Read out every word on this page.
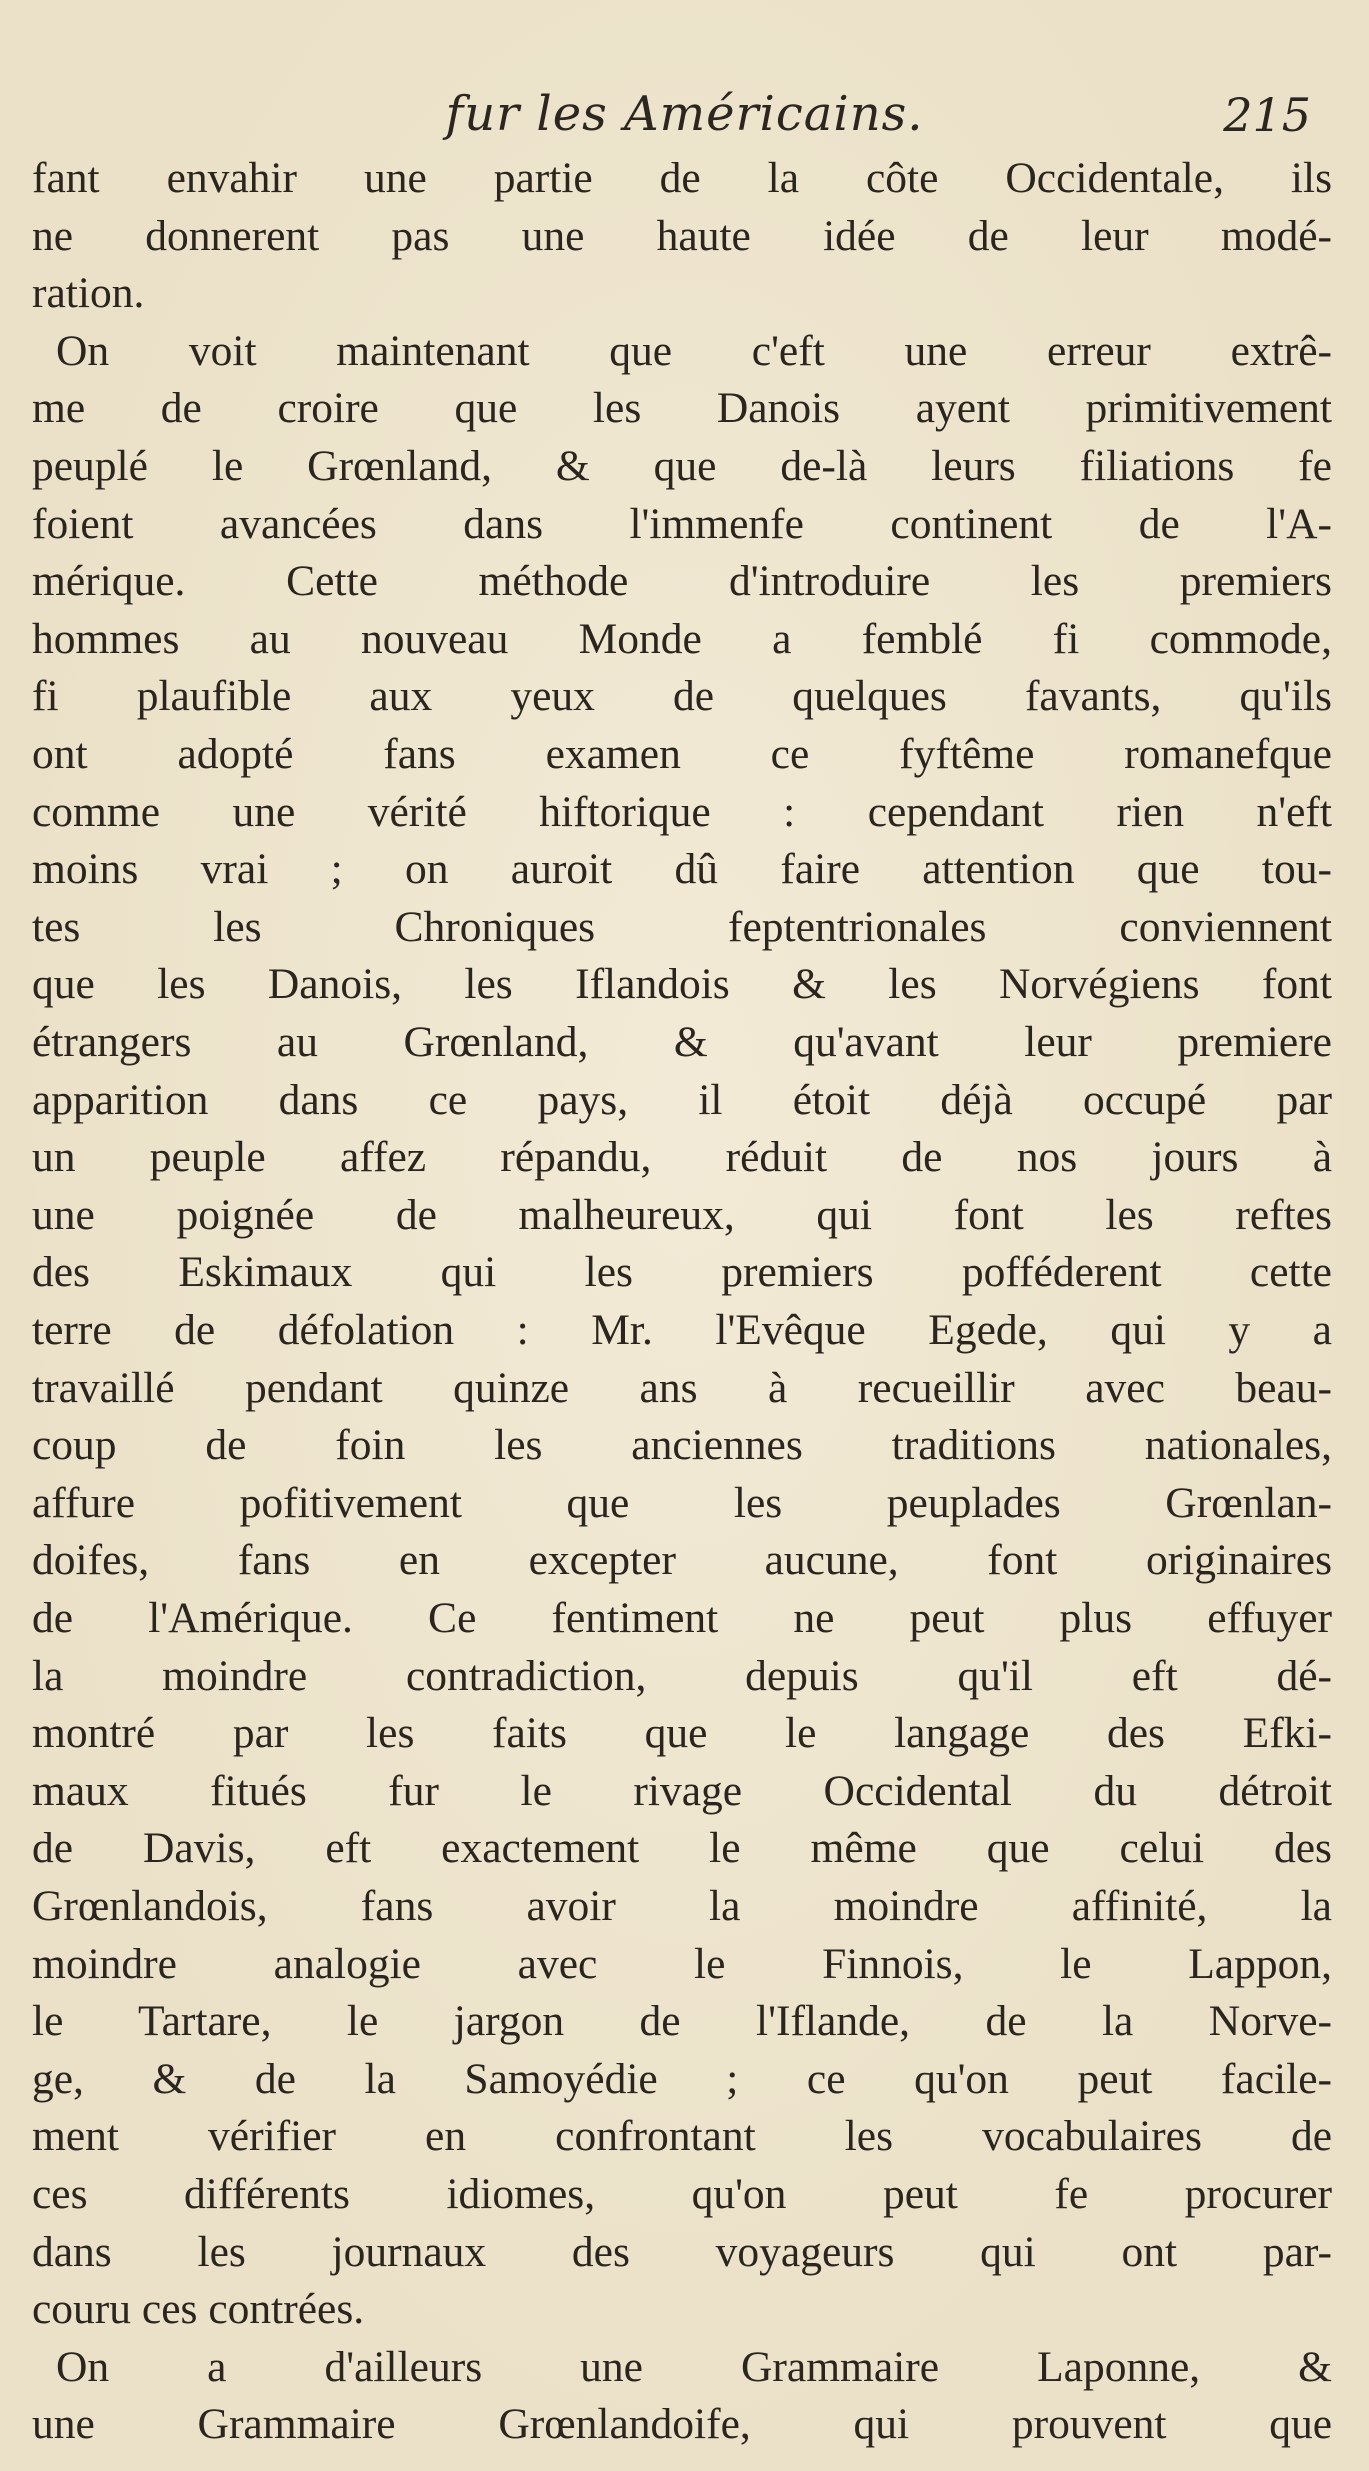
fur les Américains.	215
fant envahir une partie de la côte Occidentale, ils
ne donnerent pas une haute idée de leur modé-
ration.
On voit maintenant que c'eft une erreur extrê-
me de croire que les Danois ayent primitivement
peuplé le Grœnland, & que de-là leurs filiations fe
foient avancées dans l'immenfe continent de l'A-
mérique. Cette méthode d'introduire les premiers
hommes au nouveau Monde a femblé fi commode,
fi plaufible aux yeux de quelques favants, qu'ils
ont adopté fans examen ce fyftême romanefque
comme une vérité hiftorique : cependant rien n'eft
moins vrai ; on auroit dû faire attention que tou-
tes les Chroniques feptentrionales conviennent
que les Danois, les Iflandois & les Norvégiens font
étrangers au Grœnland, & qu'avant leur premiere
apparition dans ce pays, il étoit déjà occupé par
un peuple affez répandu, réduit de nos jours à
une poignée de malheureux, qui font les reftes
des Eskimaux qui les premiers pofféderent cette
terre de défolation : Mr. l'Evêque Egede, qui y a
travaillé pendant quinze ans à recueillir avec beau-
coup de foin les anciennes traditions nationales,
affure pofitivement que les peuplades Grœnlan-
doifes, fans en excepter aucune, font originaires
de l'Amérique. Ce fentiment ne peut plus effuyer
la moindre contradiction, depuis qu'il eft dé-
montré par les faits que le langage des Efki-
maux fitués fur le rivage Occidental du détroit
de Davis, eft exactement le même que celui des
Grœnlandois, fans avoir la moindre affinité, la
moindre analogie avec le Finnois, le Lappon,
le Tartare, le jargon de l'Iflande, de la Norve-
ge, & de la Samoyédie ; ce qu'on peut facile-
ment vérifier en confrontant les vocabulaires de
ces différents idiomes, qu'on peut fe procurer
dans les journaux des voyageurs qui ont par-
couru ces contrées.
On a d'ailleurs une Grammaire Laponne, &
une Grammaire Grœnlandoife, qui prouvent que
